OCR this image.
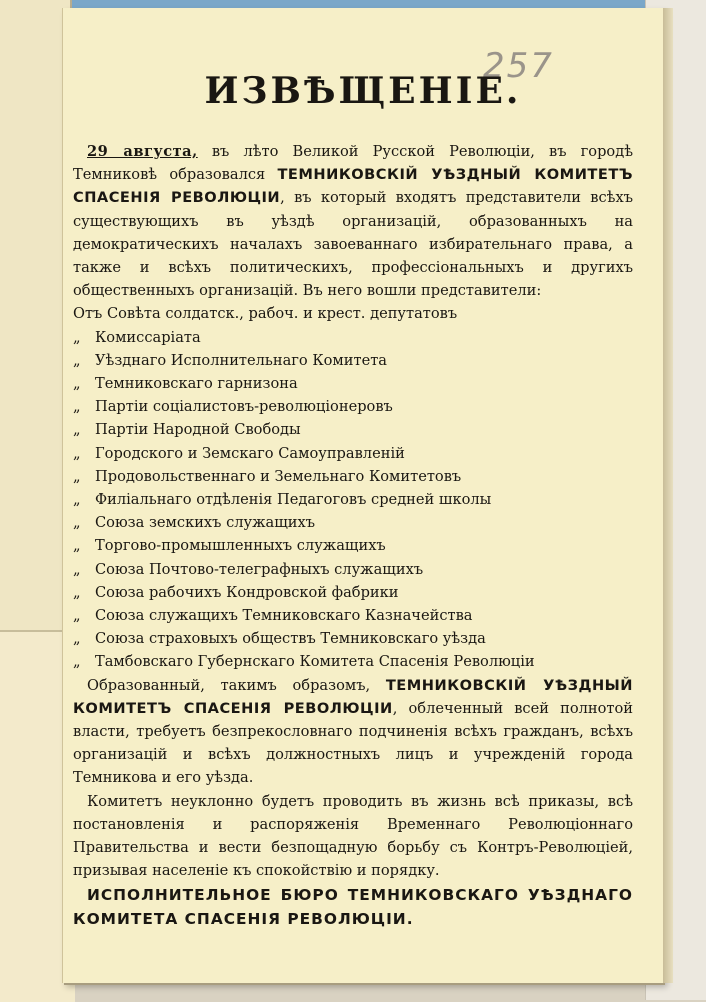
257
ИЗВѢЩЕНІЕ.

29 августа, въ лѣто Великой Русской Революціи, въ городѣ Темниковѣ образовался ТЕМНИКОВСКІЙ УѢЗДНЫЙ КОМИТЕТЪ СПАСЕНІЯ РЕВОЛЮЦІИ, въ который входятъ представители всѣхъ существующихъ въ уѣздѣ организацій, образованныхъ на демократическихъ началахъ завоеваннаго избирательнаго права, а также и всѣхъ политическихъ, профессіональныхъ и другихъ общественныхъ организацій. Въ него вошли представители:

Отъ Совѣта солдатск., рабоч. и крест. депутатовъ
„ Комиссаріата
„ Уѣзднаго Исполнительнаго Комитета
„ Темниковскаго гарнизона
„ Партіи соціалистовъ-революціонеровъ
„ Партіи Народной Свободы
„ Городского и Земскаго Самоуправленій
„ Продовольственнаго и Земельнаго Комитетовъ
„ Филіальнаго отдѣленія Педагоговъ средней школы
„ Союза земскихъ служащихъ
„ Торгово-промышленныхъ служащихъ
„ Союза Почтово-телеграфныхъ служащихъ
„ Союза рабочихъ Кондровской фабрики
„ Союза служащихъ Темниковскаго Казначейства
„ Союза страховыхъ обществъ Темниковскаго уѣзда
„ Тамбовскаго Губернскаго Комитета Спасенія Революціи

Образованный, такимъ образомъ, ТЕМНИКОВСКІЙ УѢЗДНЫЙ КОМИТЕТЪ СПАСЕНІЯ РЕВОЛЮЦІИ, облеченный всей полнотой власти, требуетъ безпрекословнаго подчиненія всѣхъ гражданъ, всѣхъ организацій и всѣхъ должностныхъ лицъ и учрежденій города Темникова и его уѣзда.

Комитетъ неуклонно будетъ проводить въ жизнь всѣ приказы, всѣ постановленія и распоряженія Временнаго Революціоннаго Правительства и вести безпощадную борьбу съ Контръ-Революціей, призывая населеніе къ спокойствію и порядку.

ИСПОЛНИТЕЛЬНОЕ БЮРО ТЕМНИКОВСКАГО УѢЗДНАГО КОМИТЕТА СПАСЕНІЯ РЕВОЛЮЦІИ.
